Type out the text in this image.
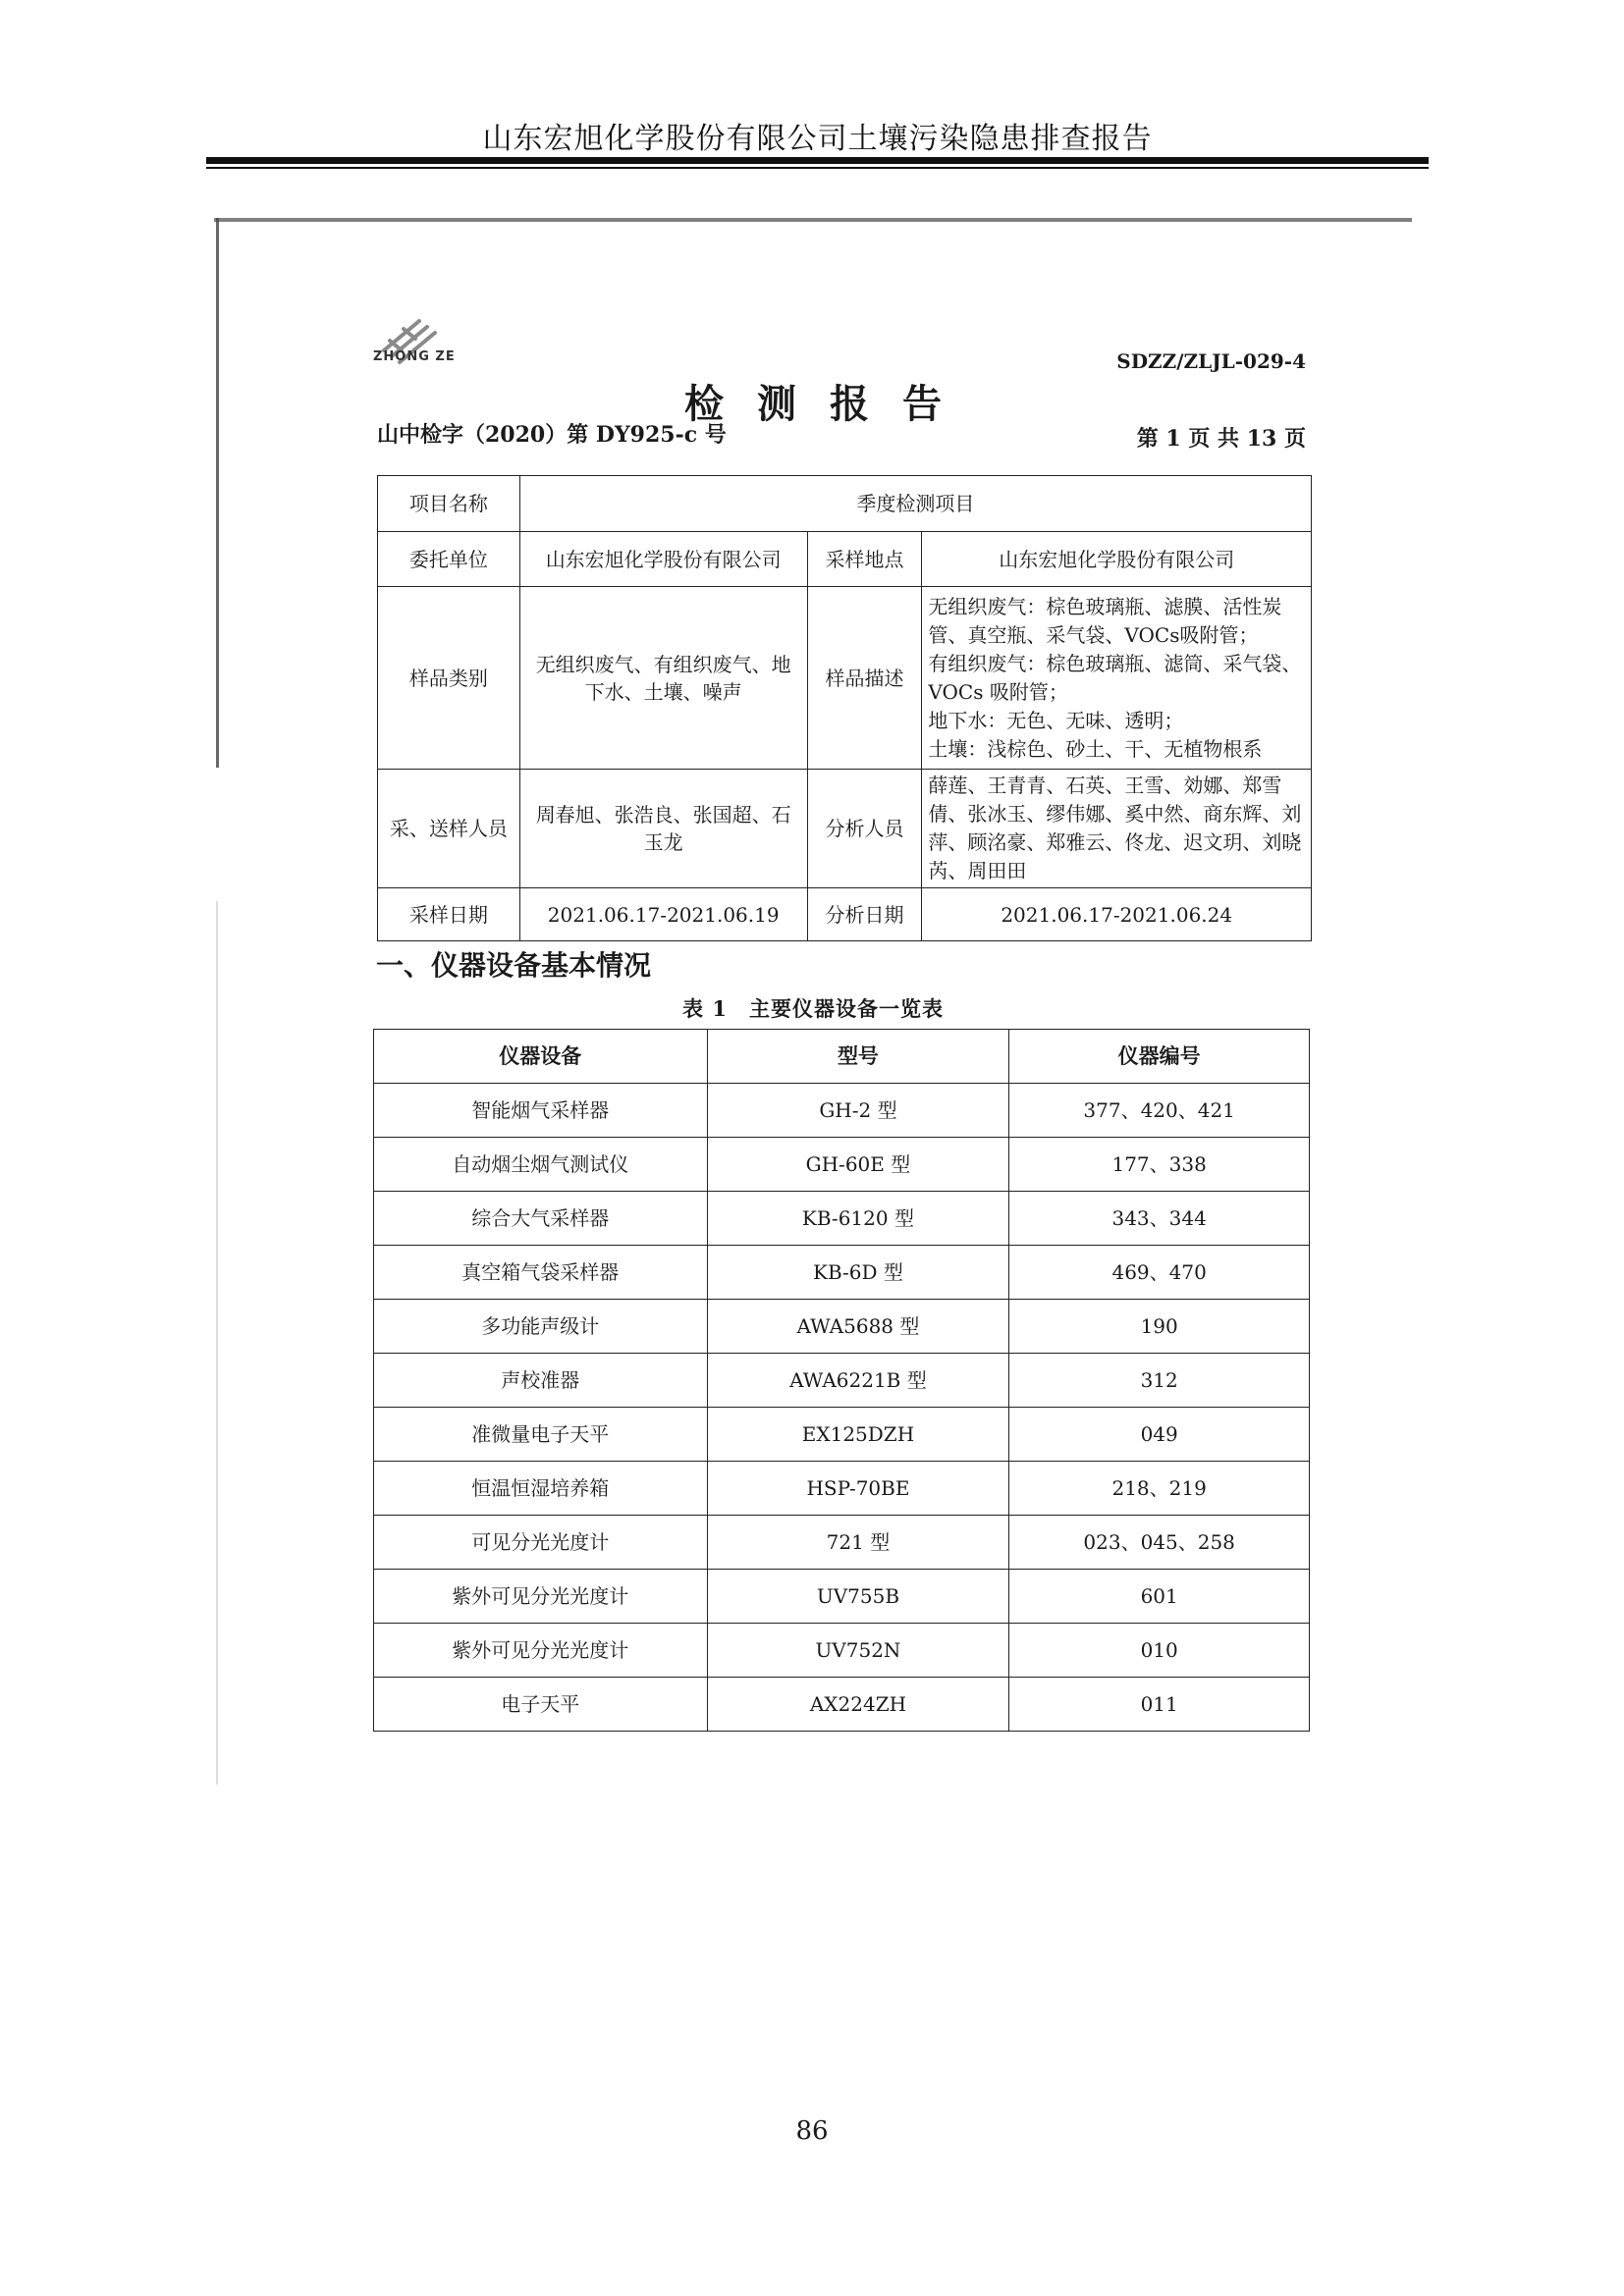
山东宏旭化学股份有限公司土壤污染隐患排查报告
ZHONG ZE	SDZZ/ZLJL-029-4
检测报告
山中检字（2020）第 DY925-c 号	第 1 页 共 13 页
项目名称	季度检测项目		
委托单位	山东宏旭化学股份有限公司	采样地点	山东宏旭化学股份有限公司
样品类别	无组织废气、有组织废气、地下水、土壤、噪声	样品描述	无组织废气：棕色玻璃瓶、滤膜、活性炭管、真空瓶、采气袋、VOCs吸附管；
有组织废气：棕色玻璃瓶、滤筒、采气袋、VOCs 吸附管；
地下水：无色、无味、透明；
土壤：浅棕色、砂土、干、无植物根系

采、送样人员	周春旭、张浩良、张国超、石玉龙	分析人员	薛莲、王青青、石英、王雪、効娜、郑雪倩、张冰玉、缪伟娜、奚中然、商东辉、刘萍、顾洺豪、郑雅云、佟龙、迟文玥、刘晓芮、周田田
采样日期	2021.06.17-2021.06.19	分析日期	2021.06.17-2021.06.24
一、仪器设备基本情况
表 1　主要仪器设备一览表
仪器设备	型号	仪器编号
智能烟气采样器	GH-2 型	377、420、421
自动烟尘烟气测试仪	GH-60E 型	177、338
综合大气采样器	KB-6120 型	343、344
真空箱气袋采样器	KB-6D 型	469、470
多功能声级计	AWA5688 型	190
声校准器	AWA6221B 型	312
准微量电子天平	EX125DZH	049
恒温恒湿培养箱	HSP-70BE	218、219
可见分光光度计	721 型	023、045、258
紫外可见分光光度计	UV755B	601
紫外可见分光光度计	UV752N	010
电子天平	AX224ZH	011
86
